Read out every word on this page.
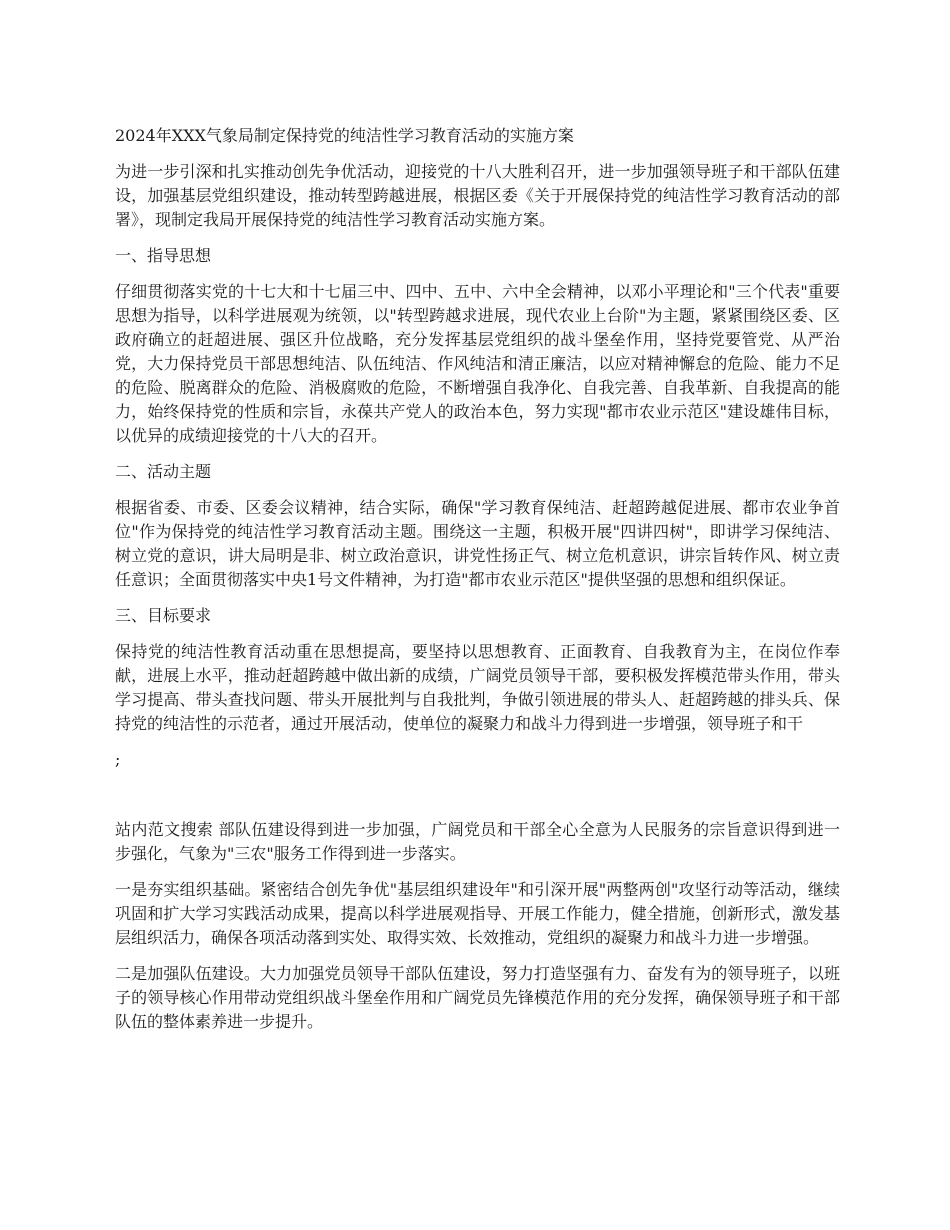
2024年XXX气象局制定保持党的纯洁性学习教育活动的实施方案
为进一步引深和扎实推动创先争优活动，迎接党的十八大胜利召开，进一步加强领导班子和干部队伍建设，加强基层党组织建设，推动转型跨越进展，根据区委《关于开展保持党的纯洁性学习教育活动的部署》，现制定我局开展保持党的纯洁性学习教育活动实施方案。
一、指导思想
仔细贯彻落实党的十七大和十七届三中、四中、五中、六中全会精神，以邓小平理论和"三个代表"重要思想为指导，以科学进展观为统领，以"转型跨越求进展，现代农业上台阶"为主题，紧紧围绕区委、区政府确立的赶超进展、强区升位战略，充分发挥基层党组织的战斗堡垒作用，坚持党要管党、从严治党，大力保持党员干部思想纯洁、队伍纯洁、作风纯洁和清正廉洁，以应对精神懈怠的危险、能力不足的危险、脱离群众的危险、消极腐败的危险，不断增强自我净化、自我完善、自我革新、自我提高的能力，始终保持党的性质和宗旨，永葆共产党人的政治本色，努力实现"都市农业示范区"建设雄伟目标，以优异的成绩迎接党的十八大的召开。
二、活动主题
根据省委、市委、区委会议精神，结合实际，确保"学习教育保纯洁、赶超跨越促进展、都市农业争首位"作为保持党的纯洁性学习教育活动主题。围绕这一主题，积极开展"四讲四树"，即讲学习保纯洁、树立党的意识，讲大局明是非、树立政治意识，讲党性扬正气、树立危机意识，讲宗旨转作风、树立责任意识；全面贯彻落实中央1号文件精神，为打造"都市农业示范区"提供坚强的思想和组织保证。
三、目标要求
保持党的纯洁性教育活动重在思想提高，要坚持以思想教育、正面教育、自我教育为主，在岗位作奉献，进展上水平，推动赶超跨越中做出新的成绩，广阔党员领导干部，要积极发挥模范带头作用，带头学习提高、带头查找问题、带头开展批判与自我批判，争做引领进展的带头人、赶超跨越的排头兵、保持党的纯洁性的示范者，通过开展活动，使单位的凝聚力和战斗力得到进一步增强，领导班子和干
;
站内范文搜索 部队伍建设得到进一步加强，广阔党员和干部全心全意为人民服务的宗旨意识得到进一步强化，气象为"三农"服务工作得到进一步落实。
一是夯实组织基础。紧密结合创先争优"基层组织建设年"和引深开展"两整两创"攻坚行动等活动，继续巩固和扩大学习实践活动成果，提高以科学进展观指导、开展工作能力，健全措施，创新形式，激发基层组织活力，确保各项活动落到实处、取得实效、长效推动，党组织的凝聚力和战斗力进一步增强。
二是加强队伍建设。大力加强党员领导干部队伍建设，努力打造坚强有力、奋发有为的领导班子，以班子的领导核心作用带动党组织战斗堡垒作用和广阔党员先锋模范作用的充分发挥，确保领导班子和干部队伍的整体素养进一步提升。
